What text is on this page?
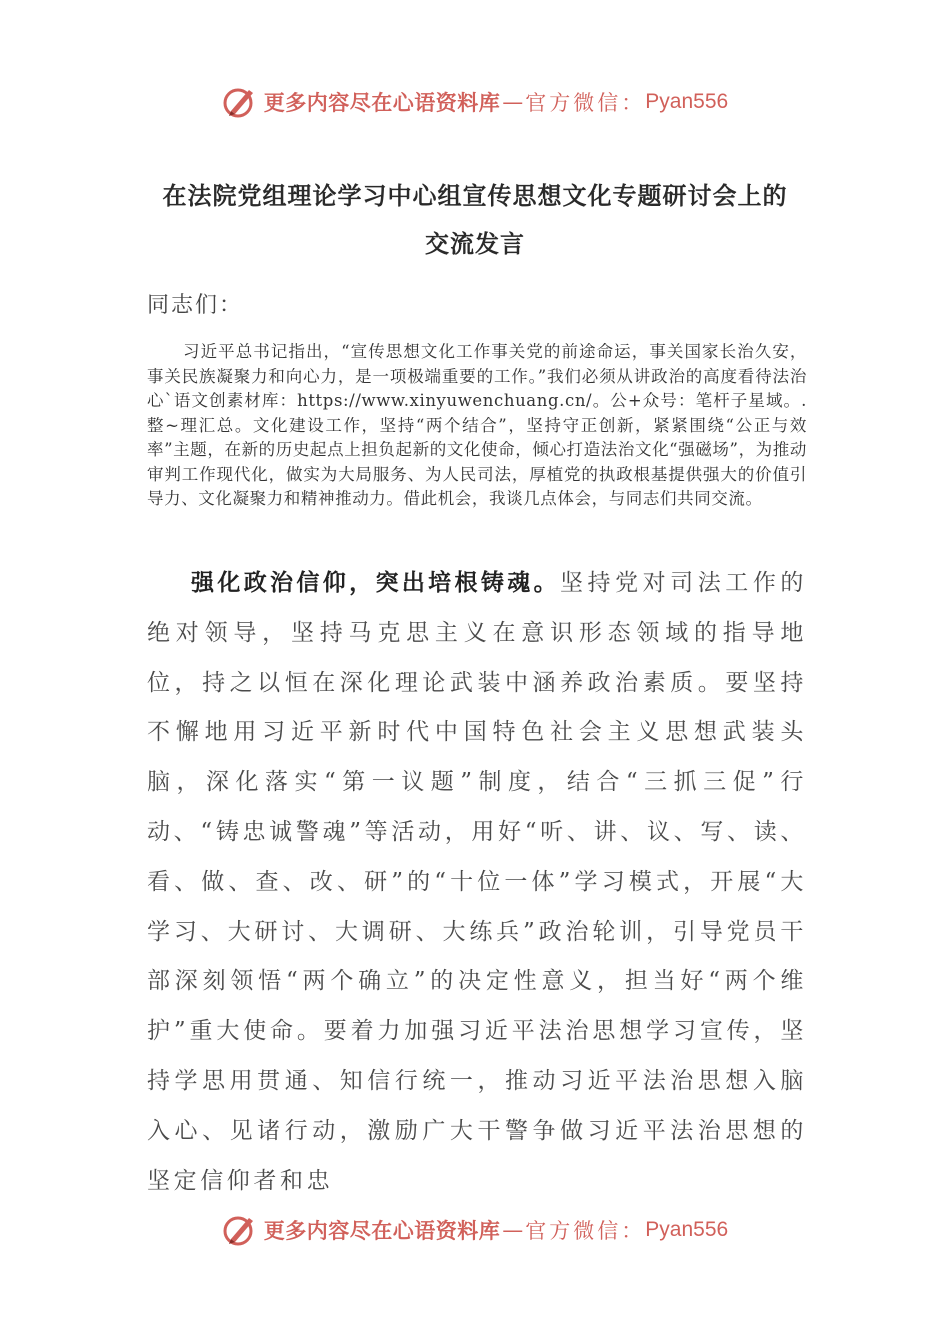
更多内容尽在心语资料库 — 官方微信： Pyan556
在法院党组理论学习中心组宣传思想文化专题研讨会上的
交流发言
同志们：

习近平总书记指出，“宣传思想文化工作事关党的前途命运，事关国家长治久安，事关民族凝聚力和向心力，是一项极端重要的工作。”我们必须从讲政治的高度看待法治心`语文创素材库：https://www.xinyuwenchuang.cn/。公+众号：笔杆子星域。.整~理汇总。文化建设工作，坚持“两个结合”，坚持守正创新，紧紧围绕“公正与效率”主题，在新的历史起点上担负起新的文化使命，倾心打造法治文化“强磁场”，为推动审判工作现代化，做实为大局服务、为人民司法，厚植党的执政根基提供强大的价值引导力、文化凝聚力和精神推动力。借此机会，我谈几点体会，与同志们共同交流。

强化政治信仰，突出培根铸魂。坚持党对司法工作的绝对领导，坚持马克思主义在意识形态领域的指导地位，持之以恒在深化理论武装中涵养政治素质。要坚持不懈地用习近平新时代中国特色社会主义思想武装头脑，深化落实“第一议题”制度，结合“三抓三促”行动、“铸忠诚警魂”等活动，用好“听、讲、议、写、读、看、做、查、改、研”的“十位一体”学习模式，开展“大学习、大研讨、大调研、大练兵”政治轮训，引导党员干部深刻领悟“两个确立”的决定性意义，担当好“两个维护”重大使命。要着力加强习近平法治思想学习宣传，坚持学思用贯通、知信行统一，推动习近平法治思想入脑入心、见诸行动，激励广大干警争做习近平法治思想的坚定信仰者和忠

更多内容尽在心语资料库 — 官方微信： Pyan556
